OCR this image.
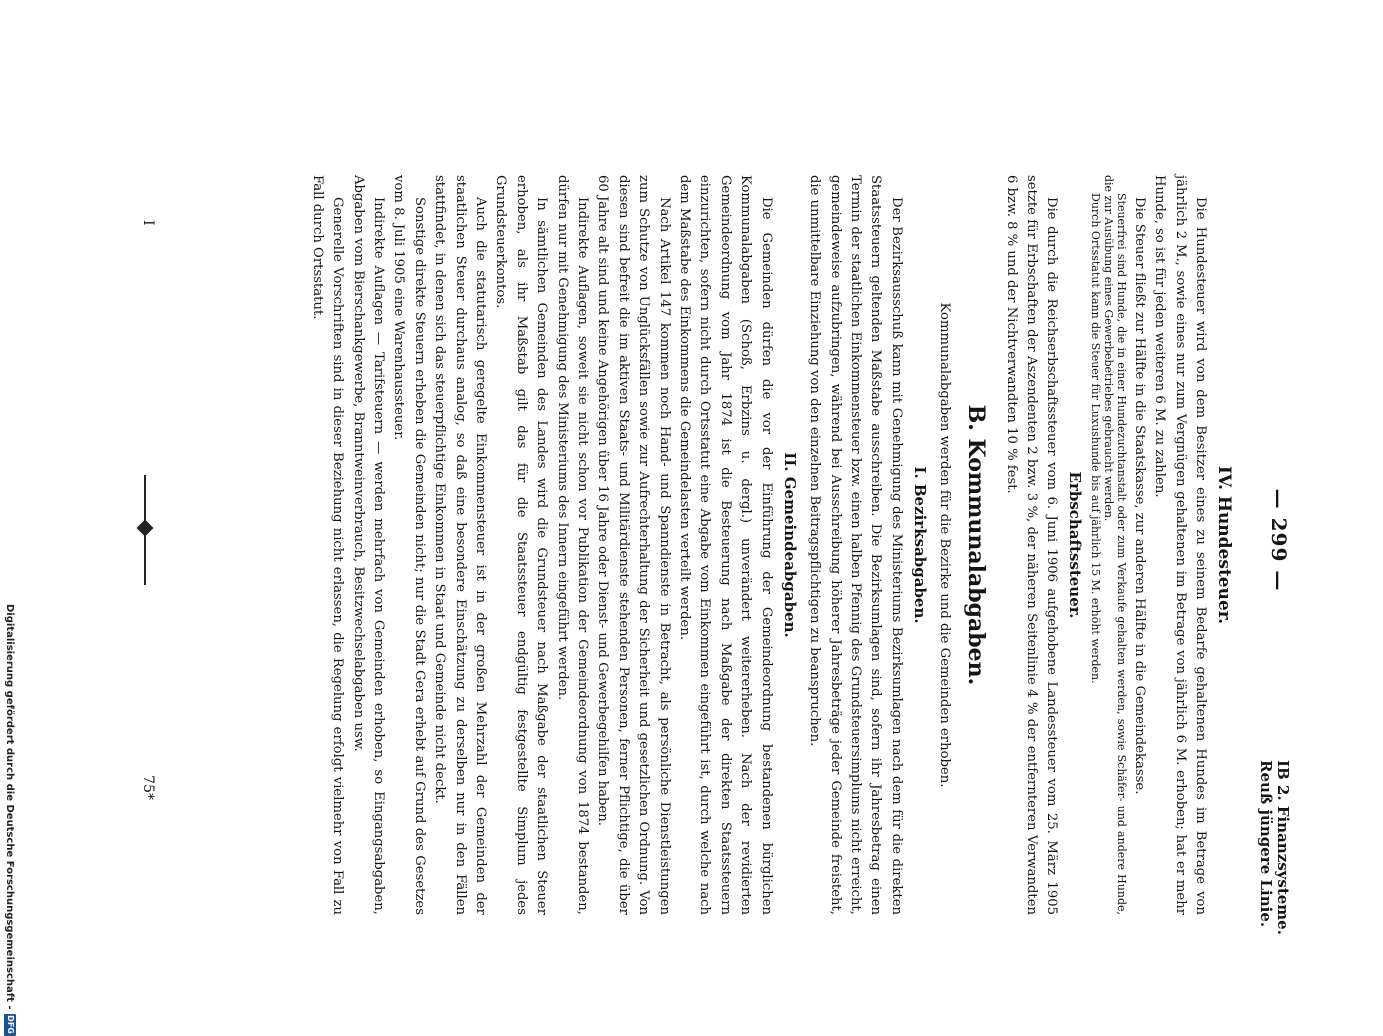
— 299 —
IB 2. Finanzsysteme.
Reuß jüngere Linie.
IV. Hundesteuer.

Die Hundesteuer wird von dem Besitzer eines zu seinem Bedarfe gehaltenen Hundes im Betrage von jährlich 2 M., sowie eines nur zum Vergnügen gehaltenen im Betrage von jährlich 6 M. erhoben; hat er mehr Hunde, so ist für jeden weiteren 6 M. zu zahlen.

Die Steuer fließt zur Hälfte in die Staatskasse, zur anderen Hälfte in die Gemeindekasse.

Steuerfrei sind Hunde, die in einer Hundezuchtanstalt oder zum Verkaufe gehalten werden, sowie Schäfer- und andere Hunde, die zur Ausübung eines Gewerbebetriebes gebraucht werden.

Durch Ortsstatut kann die Steuer für Luxushunde bis auf jährlich 15 M. erhöht werden.

Erbschaftssteuer.

Die durch die Reichserbschaftssteuer vom 6. Juni 1906 aufgehobene Landessteuer vom 25. März 1905 setzte für Erbschaften der Aszendenten 2 bzw. 3 %, der näheren Seitenlinie 4 % der entfernteren Verwandten 6 bzw. 8 % und der Nichtverwandten 10 % fest.

B. Kommunalabgaben.

Kommunalabgaben werden für die Bezirke und die Gemeinden erhoben.

I. Bezirksabgaben.

Der Bezirksausschuß kann mit Genehmigung des Ministeriums Bezirksumlagen nach dem für die direkten Staatssteuern geltenden Maßstabe ausschreiben. Die Bezirksumlagen sind, sofern ihr Jahresbetrag einen Termin der staatlichen Einkommensteuer bzw. einen halben Pfennig des Grundsteuersimplums nicht erreicht, gemeindeweise aufzubringen, während bei Ausschreibung höherer Jahresbeträge jeder Gemeinde freisteht, die unmittelbare Einziehung von den einzelnen Beitragspflichtigen zu beanspruchen.

II. Gemeindeabgaben.

Die Gemeinden dürfen die vor der Einführung der Gemeindeordnung bestandenen bürglichen Kommunalabgaben (Schoß, Erbzins u. dergl.) unverändert weitererheben. Nach der revidierten Gemeindeordnung vom Jahr 1874 ist die Besteuerung nach Maßgabe der direkten Staatssteuern einzurichten, sofern nicht durch Ortsstatut eine Abgabe vom Einkommen eingeführt ist, durch welche nach dem Maßstabe des Einkommens die Gemeindelasten verteilt werden.

Nach Artikel 147 kommen noch Hand- und Spanndienste in Betracht, als persönliche Dienstleistungen zum Schutze von Unglücksfällen sowie zur Aufrechterhaltung der Sicherheit und gesetzlichen Ordnung. Von diesen sind befreit die im aktiven Staats- und Militärdienste stehenden Personen, ferner Pflichtige, die über 60 Jahre alt sind und keine Angehörigen über 16 Jahre oder Dienst- und Gewerbegehilfen haben.

Indirekte Auflagen, soweit sie nicht schon vor Publikation der Gemeindeordnung von 1874 bestanden, dürfen nur mit Genehmigung des Ministeriums des Innern eingeführt werden.

In sämtlichen Gemeinden des Landes wird die Grundsteuer nach Maßgabe der staatlichen Steuer erhoben, als ihr Maßstab gilt das für die Staatssteuer endgültig festgestellte Simplum jedes Grundsteuerkontos.

Auch die statutarisch geregelte Einkommensteuer ist in der großen Mehrzahl der Gemeinden der staatlichen Steuer durchaus analog, so daß eine besondere Einschätzung zu derselben nur in den Fällen stattfindet, in denen sich das steuerpflichtige Einkommen in Staat und Gemeinde nicht deckt.

Sonstige direkte Steuern erheben die Gemeinden nicht; nur die Stadt Gera erhebt auf Grund des Gesetzes vom 8. Juli 1905 eine Warenhaussteuer.

Indirekte Auflagen — Tarifsteuern — werden mehrfach von Gemeinden erhoben, so Eingangsabgaben, Abgaben vom Bierschankgewerbe, Branntweinverbrauch, Besitzwechselabgaben usw.

Generelle Vorschriften sind in dieser Beziehung nicht erlassen, die Regelung erfolgt vielmehr von Fall zu Fall durch Ortsstatut.

I
75*
Digitalisierung gefördert durch die Deutsche Forschungsgemeinschaft -
DFG
